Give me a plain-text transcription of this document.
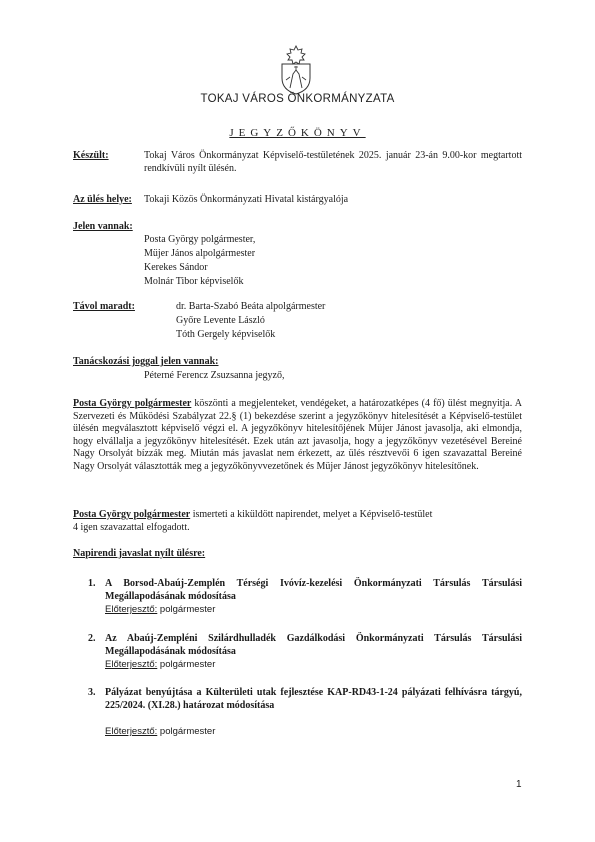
TOKAJ VÁROS ÖNKORMÁNYZATA
JEGYZŐKÖNYV
Készült:	Tokaj Város Önkormányzat Képviselő-testületének 2025. január 23-án 9.00-kor megtartott rendkívüli nyílt ülésén.
Az ülés helye: Tokaji Közös Önkormányzati Hivatal kistárgyalója
Jelen vannak:
Posta György polgármester,
Müjer János alpolgármester
Kerekes Sándor
Molnár Tibor képviselők
Távol maradt:	dr. Barta-Szabó Beáta alpolgármester
Győre Levente László
Tóth Gergely képviselők
Tanácskozási joggal jelen vannak:
Péterné Ferencz Zsuzsanna jegyző,
Posta György polgármester köszönti a megjelenteket, vendégeket, a határozatképes (4 fő) ülést megnyitja. A Szervezeti és Működési Szabályzat 22.§ (1) bekezdése szerint a jegyzőkönyv hitelesítését a Képviselő-testület ülésén megválasztott képviselő végzi el. A jegyzőkönyv hitelesítőjének Müjer Jánost javasolja, aki elmondja, hogy elvállalja a jegyzőkönyv hitelesítését. Ezek után azt javasolja, hogy a jegyzőkönyv vezetésével Bereiné Nagy Orsolyát bízzák meg. Miután más javaslat nem érkezett, az ülés résztvevői 6 igen szavazattal Bereiné Nagy Orsolyát választották meg a jegyzőkönyvvezetőnek és Müjer Jánost jegyzőkönyv hitelesítőnek.
Posta György polgármester ismerteti a kiküldött napirendet, melyet a Képviselő-testület 4 igen szavazattal elfogadott.
Napirendi javaslat nyílt ülésre:
1. A Borsod-Abaúj-Zemplén Térségi Ivóvíz-kezelési Önkormányzati Társulás Társulási Megállapodásának módosítása
Előterjesztő: polgármester
2. Az Abaúj-Zempléni Szilárdhulladék Gazdálkodási Önkormányzati Társulás Társulási Megállapodásának módosítása
Előterjesztő: polgármester
3. Pályázat benyújtása a Külterületi utak fejlesztése KAP-RD43-1-24 pályázati felhívásra tárgyú, 225/2024. (XI.28.) határozat módosítása
Előterjesztő: polgármester
1
